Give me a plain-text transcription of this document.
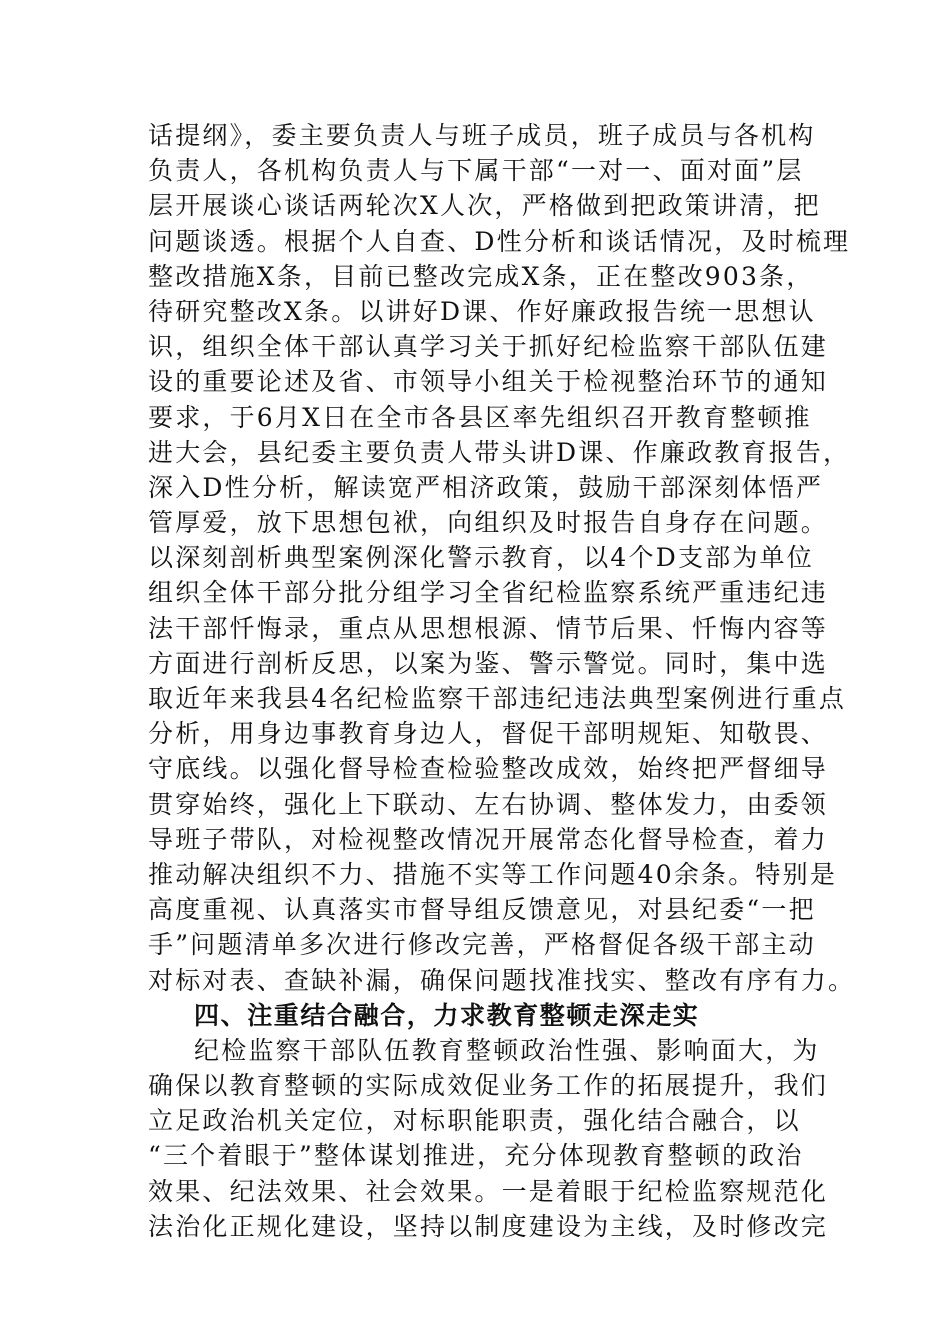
话提纲》，委主要负责人与班子成员，班子成员与各机构
负责人，各机构负责人与下属干部“一对一、面对面”层
层开展谈心谈话两轮次X人次，严格做到把政策讲清，把
问题谈透。根据个人自查、D性分析和谈话情况，及时梳理
整改措施X条，目前已整改完成X条，正在整改903条，
待研究整改X条。以讲好D课、作好廉政报告统一思想认
识，组织全体干部认真学习关于抓好纪检监察干部队伍建
设的重要论述及省、市领导小组关于检视整治环节的通知
要求，于6月X日在全市各县区率先组织召开教育整顿推
进大会，县纪委主要负责人带头讲D课、作廉政教育报告，
深入D性分析，解读宽严相济政策，鼓励干部深刻体悟严
管厚爱，放下思想包袱，向组织及时报告自身存在问题。
以深刻剖析典型案例深化警示教育，以4个D支部为单位
组织全体干部分批分组学习全省纪检监察系统严重违纪违
法干部忏悔录，重点从思想根源、情节后果、忏悔内容等
方面进行剖析反思，以案为鉴、警示警觉。同时，集中选
取近年来我县4名纪检监察干部违纪违法典型案例进行重点
分析，用身边事教育身边人，督促干部明规矩、知敬畏、
守底线。以强化督导检查检验整改成效，始终把严督细导
贯穿始终，强化上下联动、左右协调、整体发力，由委领
导班子带队，对检视整改情况开展常态化督导检查，着力
推动解决组织不力、措施不实等工作问题40余条。特别是
高度重视、认真落实市督导组反馈意见，对县纪委“一把
手”问题清单多次进行修改完善，严格督促各级干部主动
对标对表、查缺补漏，确保问题找准找实、整改有序有力。
四、注重结合融合，力求教育整顿走深走实
纪检监察干部队伍教育整顿政治性强、影响面大，为
确保以教育整顿的实际成效促业务工作的拓展提升，我们
立足政治机关定位，对标职能职责，强化结合融合，以
“三个着眼于”整体谋划推进，充分体现教育整顿的政治
效果、纪法效果、社会效果。一是着眼于纪检监察规范化
法治化正规化建设，坚持以制度建设为主线，及时修改完
